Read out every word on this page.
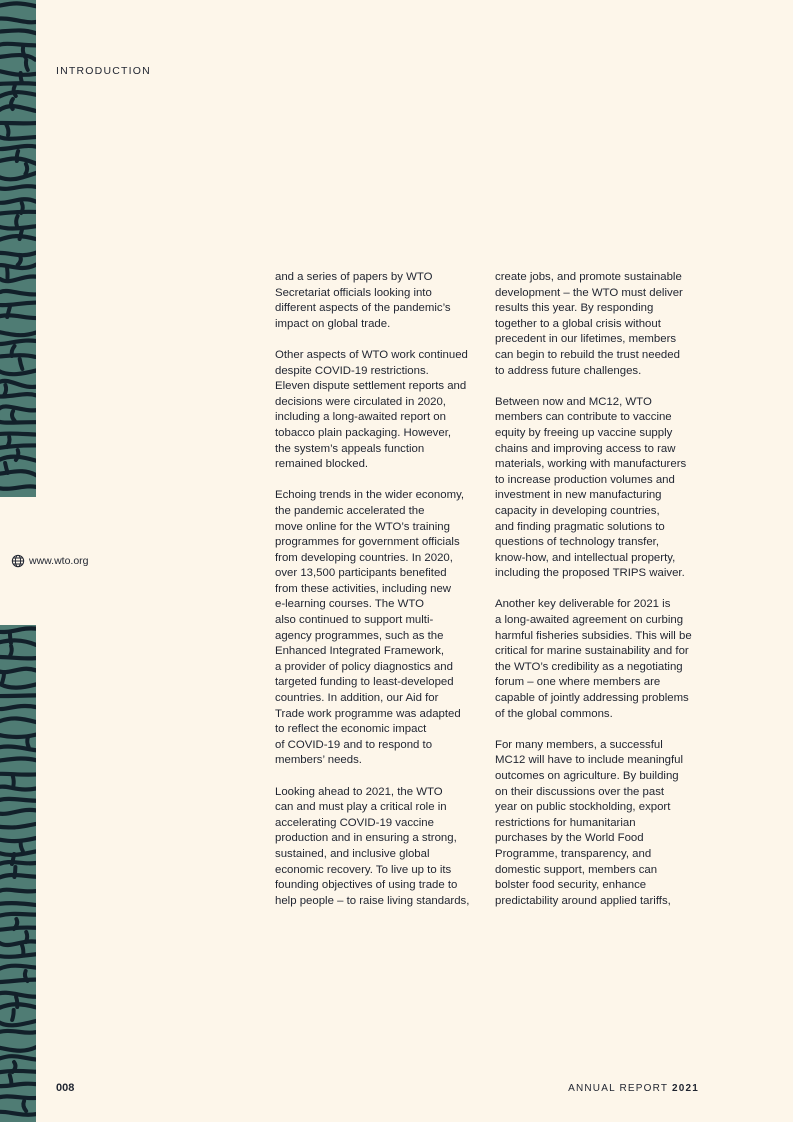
INTRODUCTION
www.wto.org

and a series of papers by WTO
Secretariat officials looking into
different aspects of the pandemic’s
impact on global trade.

Other aspects of WTO work continued
despite COVID-19 restrictions.
Eleven dispute settlement reports and
decisions were circulated in 2020,
including a long-awaited report on
tobacco plain packaging. However,
the system’s appeals function
remained blocked.

Echoing trends in the wider economy,
the pandemic accelerated the
move online for the WTO’s training
programmes for government officials
from developing countries. In 2020,
over 13,500 participants benefited
from these activities, including new
e-learning courses. The WTO
also continued to support multi-
agency programmes, such as the
Enhanced Integrated Framework,
a provider of policy diagnostics and
targeted funding to least-developed
countries. In addition, our Aid for
Trade work programme was adapted
to reflect the economic impact
of COVID-19 and to respond to
members’ needs.

Looking ahead to 2021, the WTO
can and must play a critical role in
accelerating COVID-19 vaccine
production and in ensuring a strong,
sustained, and inclusive global
economic recovery. To live up to its
founding objectives of using trade to
help people – to raise living standards,

create jobs, and promote sustainable
development – the WTO must deliver
results this year. By responding
together to a global crisis without
precedent in our lifetimes, members
can begin to rebuild the trust needed
to address future challenges.

Between now and MC12, WTO
members can contribute to vaccine
equity by freeing up vaccine supply
chains and improving access to raw
materials, working with manufacturers
to increase production volumes and
investment in new manufacturing
capacity in developing countries,
and finding pragmatic solutions to
questions of technology transfer,
know-how, and intellectual property,
including the proposed TRIPS waiver.

Another key deliverable for 2021 is
a long-awaited agreement on curbing
harmful fisheries subsidies. This will be
critical for marine sustainability and for
the WTO’s credibility as a negotiating
forum – one where members are
capable of jointly addressing problems
of the global commons.

For many members, a successful
MC12 will have to include meaningful
outcomes on agriculture. By building
on their discussions over the past
year on public stockholding, export
restrictions for humanitarian
purchases by the World Food
Programme, transparency, and
domestic support, members can
bolster food security, enhance
predictability around applied tariffs,

008	ANNUAL REPORT 2021
